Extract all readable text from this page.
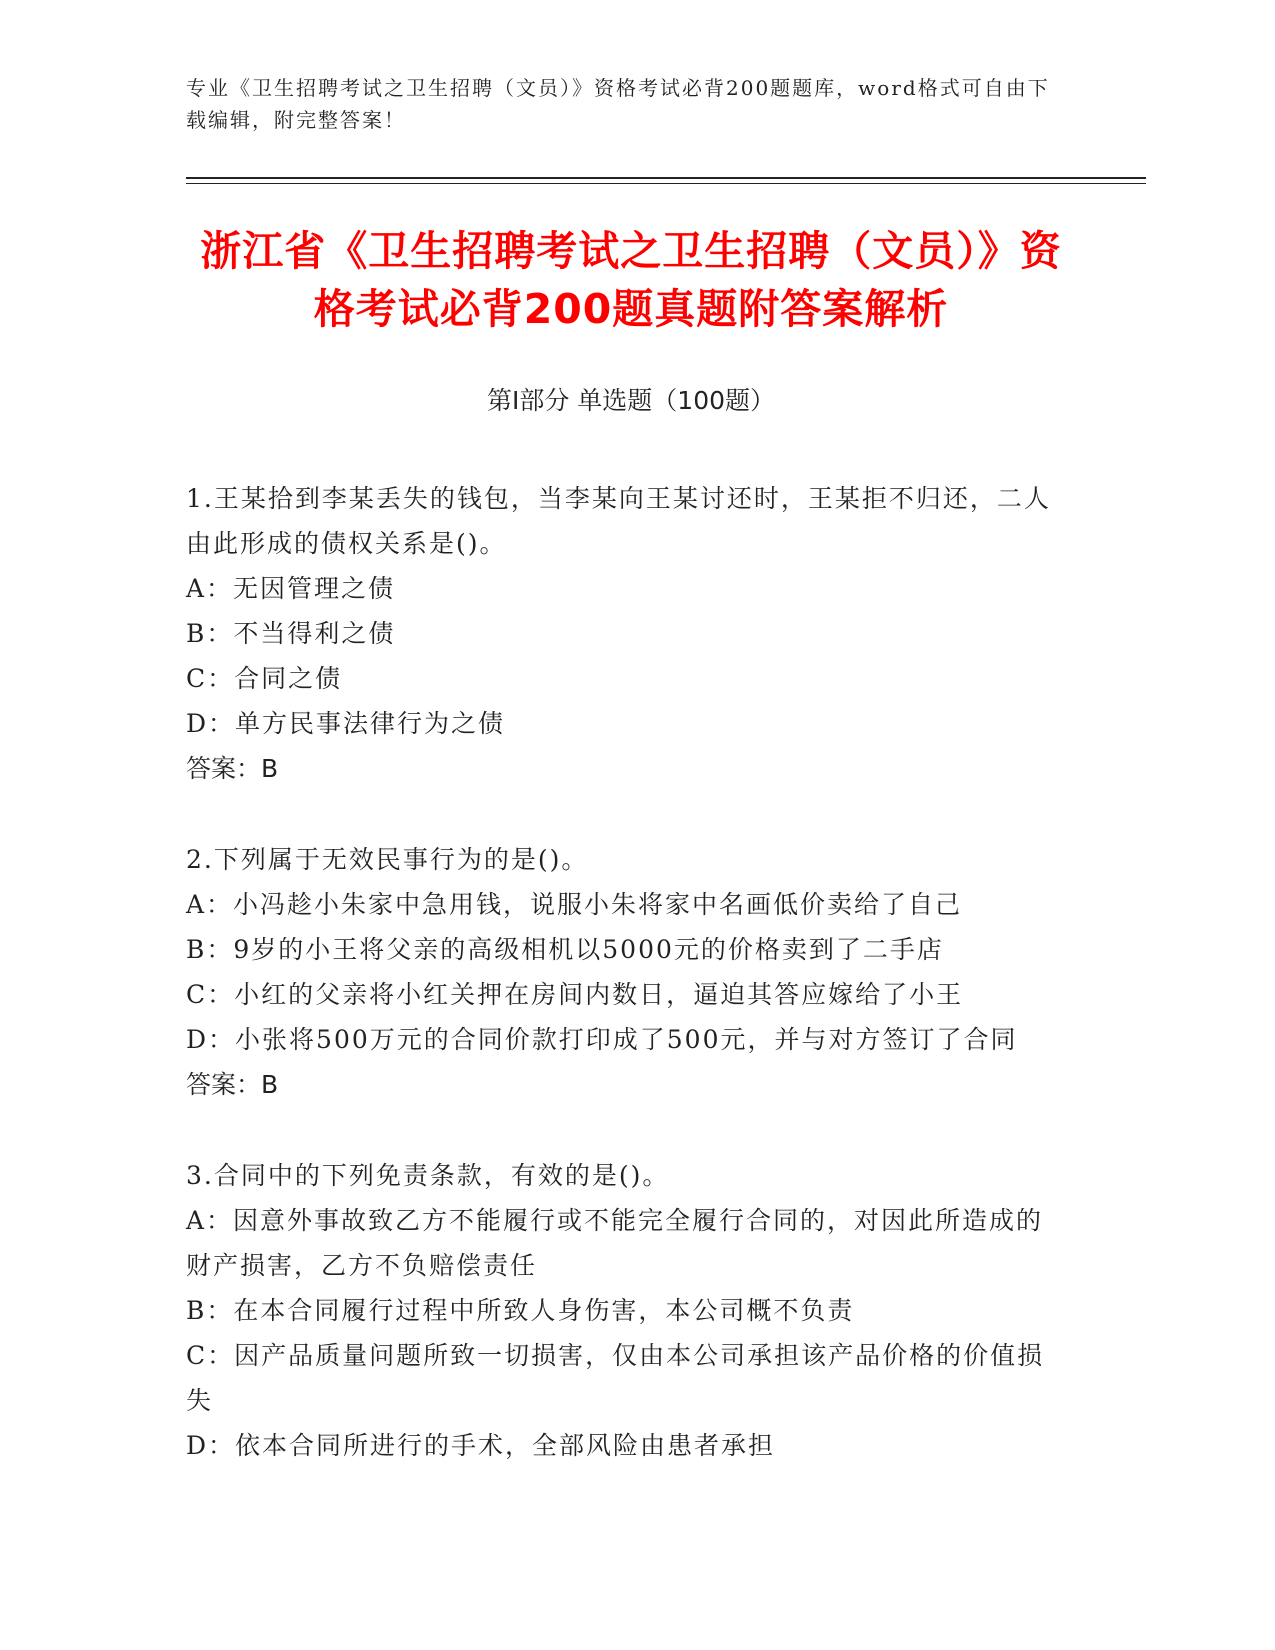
专业《卫生招聘考试之卫生招聘（文员）》资格考试必背200题题库，word格式可自由下载编辑，附完整答案！
浙江省《卫生招聘考试之卫生招聘（文员）》资格考试必背200题真题附答案解析
第Ⅰ部分 单选题（100题）
1.王某拾到李某丢失的钱包，当李某向王某讨还时，王某拒不归还，二人由此形成的债权关系是()。
A：无因管理之债
B：不当得利之债
C：合同之债
D：单方民事法律行为之债
答案：B
2.下列属于无效民事行为的是()。
A：小冯趁小朱家中急用钱，说服小朱将家中名画低价卖给了自己
B：9岁的小王将父亲的高级相机以5000元的价格卖到了二手店
C：小红的父亲将小红关押在房间内数日，逼迫其答应嫁给了小王
D：小张将500万元的合同价款打印成了500元，并与对方签订了合同
答案：B
3.合同中的下列免责条款，有效的是()。
A：因意外事故致乙方不能履行或不能完全履行合同的，对因此所造成的财产损害，乙方不负赔偿责任
B：在本合同履行过程中所致人身伤害，本公司概不负责
C：因产品质量问题所致一切损害，仅由本公司承担该产品价格的价值损失
D：依本合同所进行的手术，全部风险由患者承担
